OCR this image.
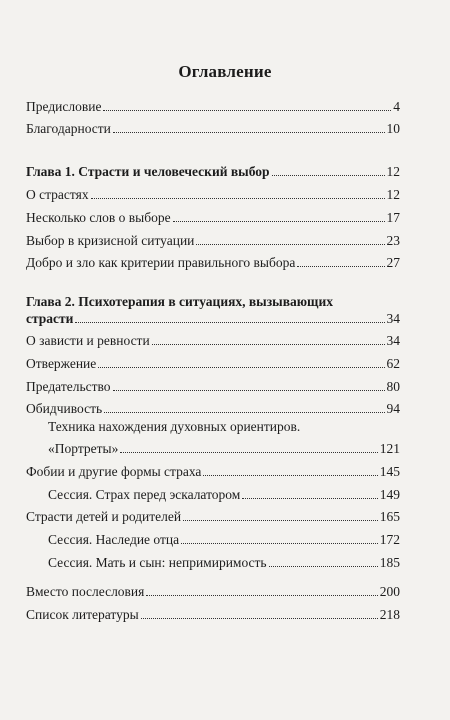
Оглавление
Предисловие	4
Благодарности	10
Глава 1. Страсти и человеческий выбор	12
О страстях	12
Несколько слов о выборе	17
Выбор в кризисной ситуации	23
Добро и зло как критерии правильного выбора	27
Глава 2. Психотерапия в ситуациях, вызывающих
страсти	34
О зависти и ревности	34
Отвержение	62
Предательство	80
Обидчивость	94
Техника нахождения духовных ориентиров.
«Портреты»	121
Фобии и другие формы страха	145
Сессия. Страх перед эскалатором	149
Страсти детей и родителей	165
Сессия. Наследие отца	172
Сессия. Мать и сын: непримиримость	185
Вместо послесловия	200
Список литературы	218
